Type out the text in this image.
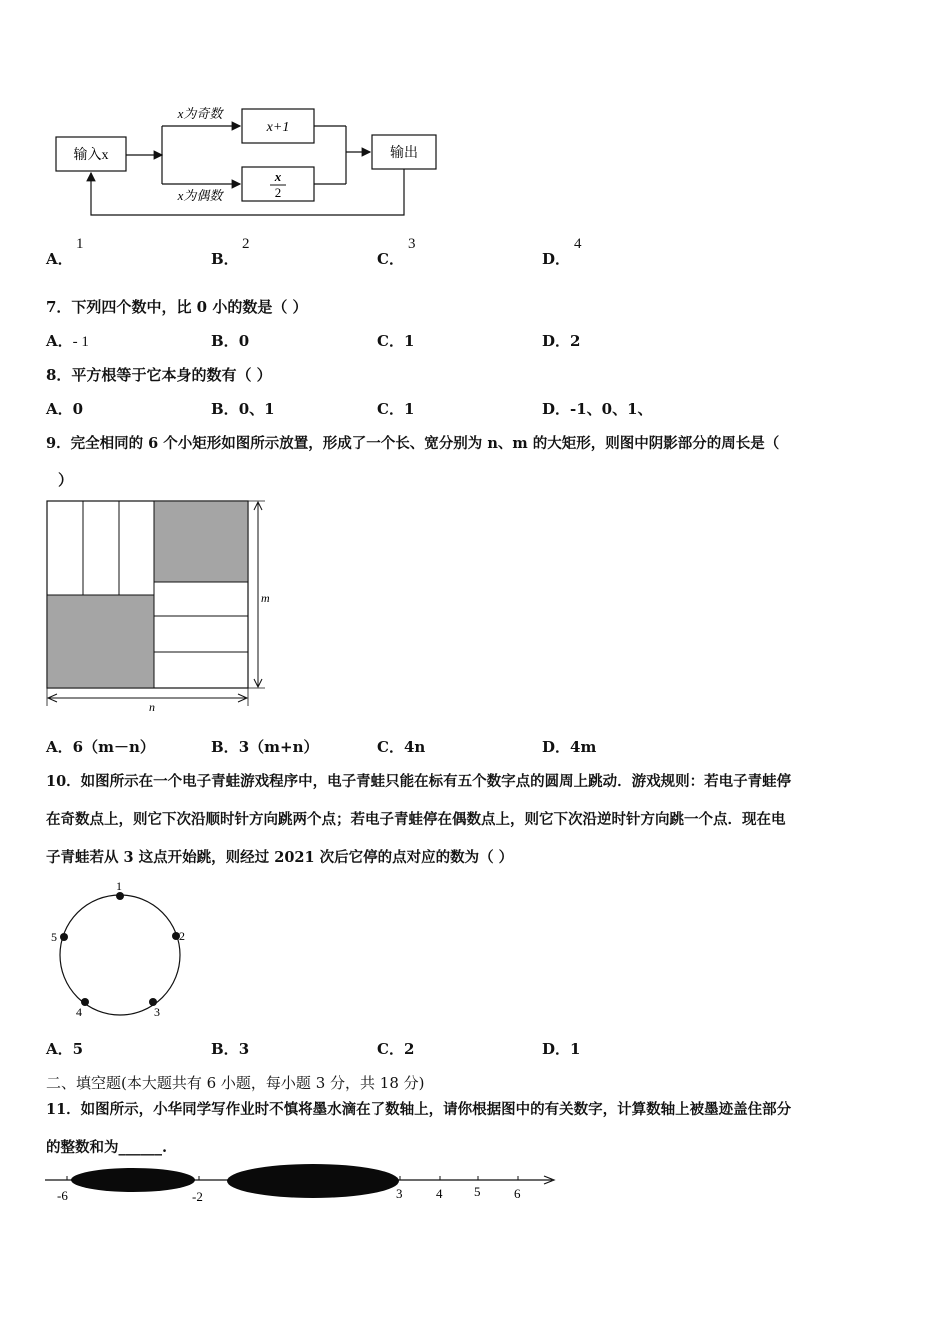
输入x
x为奇数
x为偶数
x+1
x
2
输出
A．
1
B．
2
C．
3
D．
4
7．下列四个数中，比 0 小的数是（ ）
A．- 1	B．0	C．1	D．2
8．平方根等于它本身的数有（ ）
A．0	B．0、1	C．1	D．-1、0、1、
9．完全相同的 6 个小矩形如图所示放置，形成了一个长、宽分别为 n、m 的大矩形，则图中阴影部分的周长是（
）
m
n
A．6（m－n）	B．3（m+n）	C．4n	D．4m
10．如图所示在一个电子青蛙游戏程序中，电子青蛙只能在标有五个数字点的圆周上跳动．游戏规则：若电子青蛙停
在奇数点上，则它下次沿顺时针方向跳两个点；若电子青蛙停在偶数点上，则它下次沿逆时针方向跳一个点．现在电
子青蛙若从 3 这点开始跳，则经过 2021 次后它停的点对应的数为（ ）
1
2
3
4
5
A．5	B．3	C．2	D．1
二、填空题(本大题共有 6 小题，每小题 3 分，共 18 分)
11．如图所示，小华同学写作业时不慎将墨水滴在了数轴上，请你根据图中的有关数字，计算数轴上被墨迹盖住部分
的整数和为______.
-6	-2	3	4 5	6
